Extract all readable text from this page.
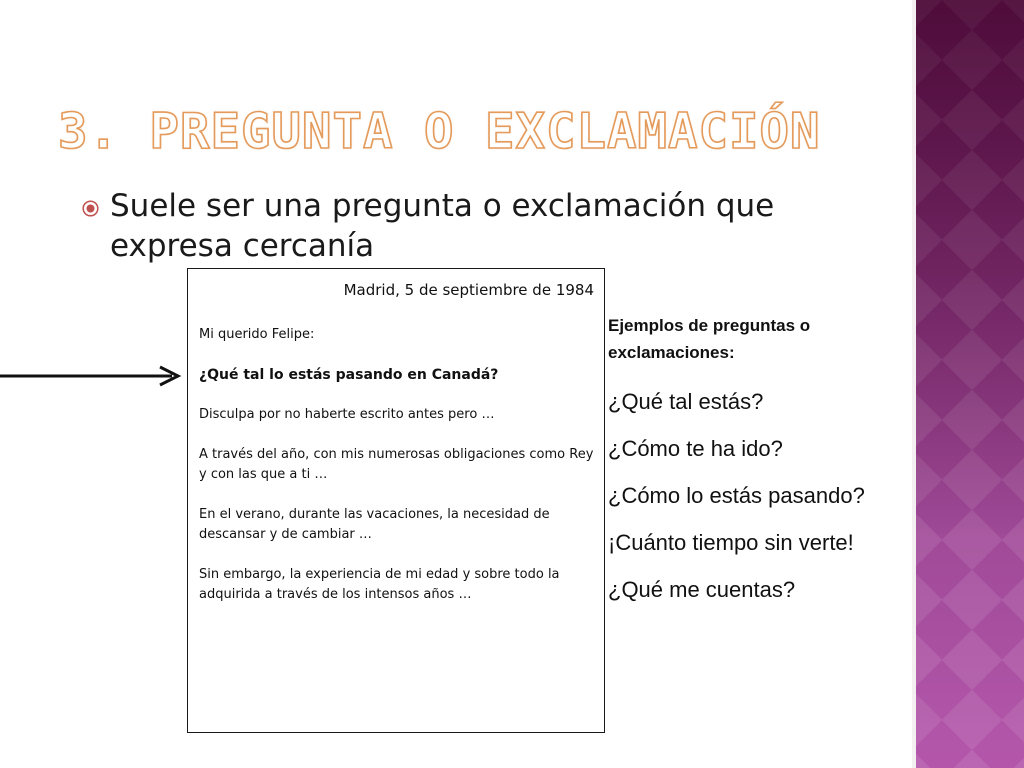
3. PREGUNTA O EXCLAMACIÓN
Suele ser una pregunta o exclamación que expresa cercanía
Madrid, 5 de septiembre de 1984

Mi querido Felipe:

¿Qué tal lo estás pasando en Canadá?

Disculpa por no haberte escrito antes pero …

A través del año, con mis numerosas obligaciones como Rey y con las que a ti …

En el verano, durante las vacaciones, la necesidad de descansar y de cambiar …

Sin embargo, la experiencia de mi edad y sobre todo la adquirida a través de los intensos años …

Ejemplos de preguntas o exclamaciones:

¿Qué tal estás?
¿Cómo te ha ido?
¿Cómo lo estás pasando?
¡Cuánto tiempo sin verte!
¿Qué me cuentas?
